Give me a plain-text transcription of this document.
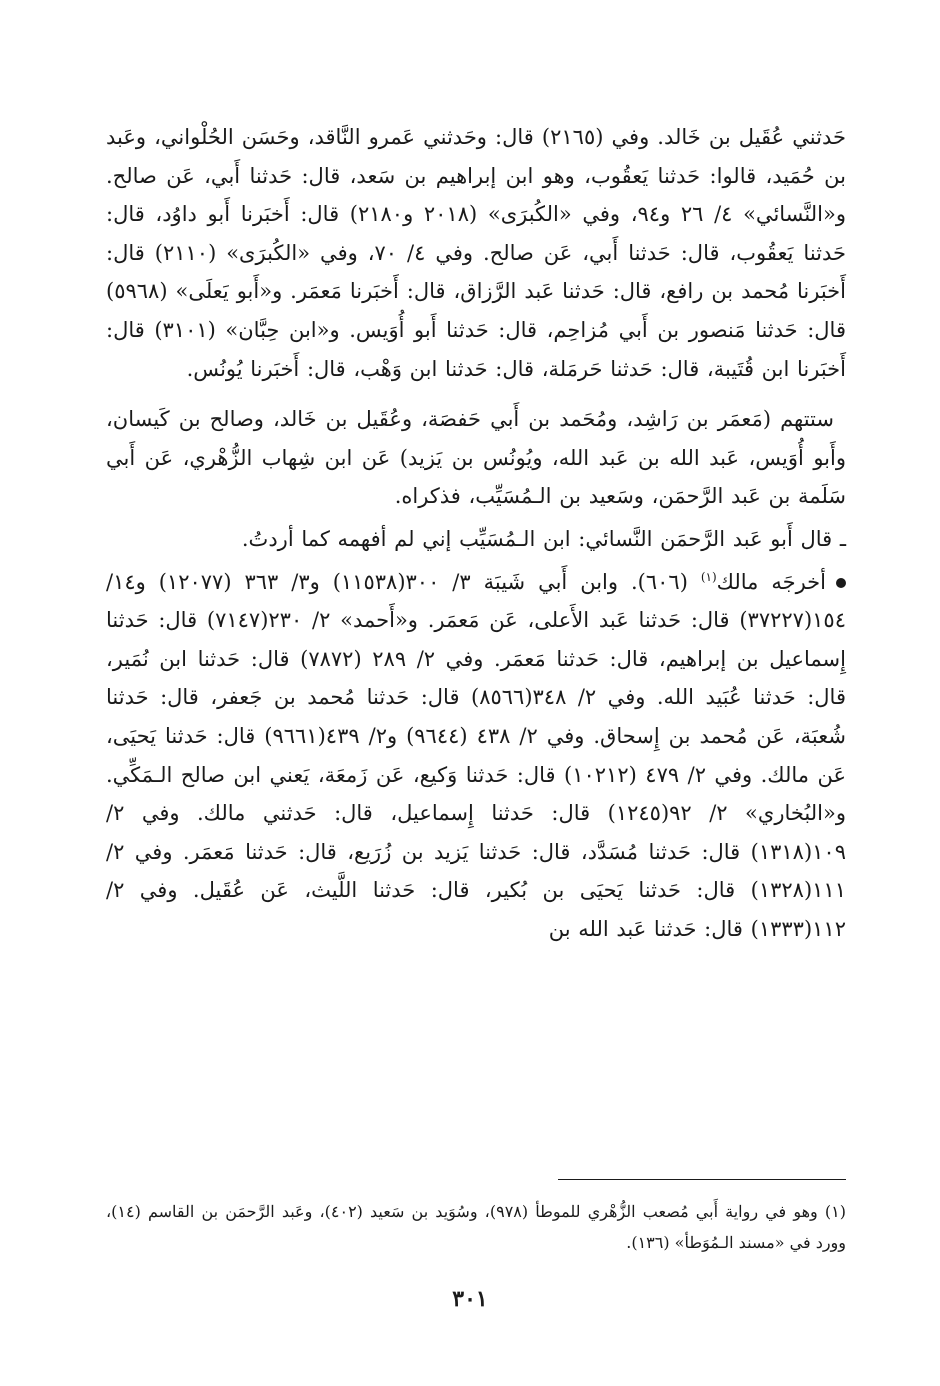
حَدثني عُقَيل بن خَالد. وفي (٢١٦٥) قال: وحَدثني عَمرو النَّاقد، وحَسَن الحُلْواني، وعَبد بن حُمَيد، قالوا: حَدثنا يَعقُوب، وهو ابن إبراهيم بن سَعد، قال: حَدثنا أَبي، عَن صالح. و«النَّسائي» ٤/ ٢٦ و٩٤، وفي «الكُبرَى» (٢٠١٨ و٢١٨٠) قال: أَخبَرنا أَبو داوُد، قال: حَدثنا يَعقُوب، قال: حَدثنا أَبي، عَن صالح. وفي ٤/ ٧٠، وفي «الكُبرَى» (٢١١٠) قال: أَخبَرنا مُحمد بن رافع، قال: حَدثنا عَبد الرَّزاق، قال: أَخبَرنا مَعمَر. و«أَبو يَعلَى» (٥٩٦٨) قال: حَدثنا مَنصور بن أَبي مُزاحِم، قال: حَدثنا أَبو أُوَيس. و«ابن حِبَّان» (٣١٠١) قال: أَخبَرنا ابن قُتَيبة، قال: حَدثنا حَرمَلة، قال: حَدثنا ابن وَهْب، قال: أَخبَرنا يُونُس.

ستتهم (مَعمَر بن رَاشِد، ومُحَمد بن أَبي حَفصَة، وعُقَيل بن خَالد، وصالح بن كَيسان، وأَبو أُوَيس، عَبد الله بن عَبد الله، ويُونُس بن يَزيد) عَن ابن شِهاب الزُّهْري، عَن أَبي سَلَمة بن عَبد الرَّحمَن، وسَعيد بن الـمُسَيِّب، فذكراه.

ـ قال أَبو عَبد الرَّحمَن النَّسائي: ابن الـمُسَيِّب إني لم أفهمه كما أردتُ.

أخرجَه مالك$^{(١)}$ (٦٠٦). وابن أَبي شَيبَة ٣/ ٣٠٠(١١٥٣٨) و٣/ ٣٦٣ (١٢٠٧٧) و١٤/ ١٥٤(٣٧٢٢٧) قال: حَدثنا عَبد الأَعلى، عَن مَعمَر. و«أَحمد» ٢/ ٢٣٠(٧١٤٧) قال: حَدثنا إِسماعيل بن إبراهيم، قال: حَدثنا مَعمَر. وفي ٢/ ٢٨٩ (٧٨٧٢) قال: حَدثنا ابن نُمَير، قال: حَدثنا عُبَيد الله. وفي ٢/ ٣٤٨(٨٥٦٦) قال: حَدثنا مُحمد بن جَعفر، قال: حَدثنا شُعبَة، عَن مُحمد بن إِسحاق. وفي ٢/ ٤٣٨ (٩٦٤٤) و٢/ ٤٣٩(٩٦٦١) قال: حَدثنا يَحيَى، عَن مالك. وفي ٢/ ٤٧٩ (١٠٢١٢) قال: حَدثنا وَكيع، عَن زَمعَة، يَعني ابن صالح الـمَكِّي. و«البُخاري» ٢/ ٩٢(١٢٤٥) قال: حَدثنا إِسماعيل، قال: حَدثني مالك. وفي ٢/ ١٠٩(١٣١٨) قال: حَدثنا مُسَدَّد، قال: حَدثنا يَزيد بن زُرَيع، قال: حَدثنا مَعمَر. وفي ٢/ ١١١(١٣٢٨) قال: حَدثنا يَحيَى بن بُكير، قال: حَدثنا اللَّيث، عَن عُقَيل. وفي ٢/ ١١٢(١٣٣٣) قال: حَدثنا عَبد الله بن

(١) وهو في رواية أَبي مُصعب الزُّهْري للموطأ (٩٧٨)، وسُوَيد بن سَعيد (٤٠٢)، وعَبد الرَّحمَن بن القاسم (١٤)، وورد في «مسند الـمُوَطأ» (١٣٦).

٣٠١
